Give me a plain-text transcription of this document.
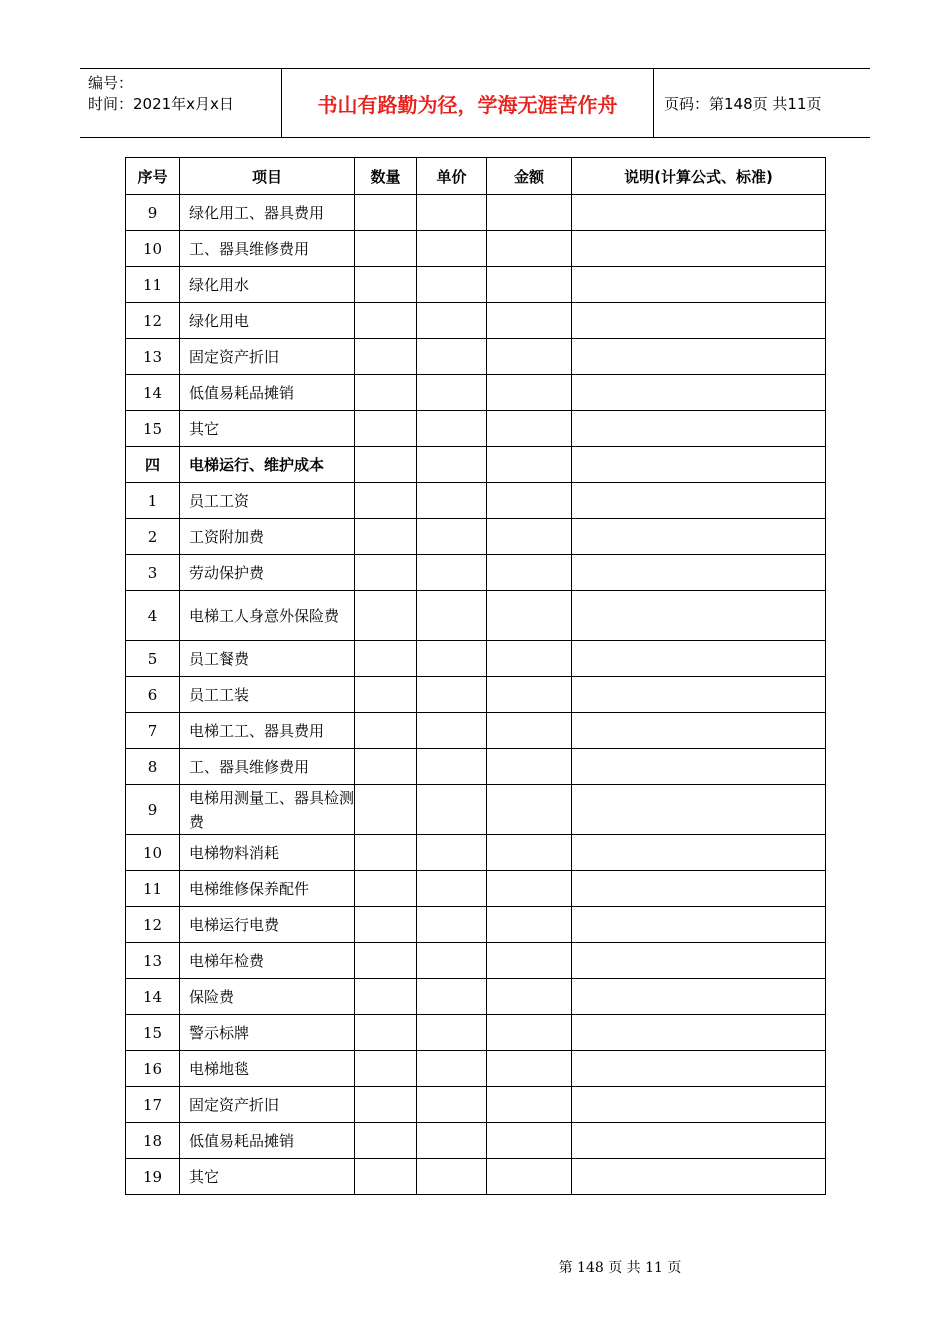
编号：
时间：2021年x月x日	书山有路勤为径，学海无涯苦作舟	页码：第148页 共11页
序号	项目	数量	单价	金额	说明(计算公式、标准)
9	绿化用工、器具费用				
10	工、器具维修费用				
11	绿化用水				
12	绿化用电				
13	固定资产折旧				
14	低值易耗品摊销				
15	其它				
四	电梯运行、维护成本				
1	员工工资				
2	工资附加费				
3	劳动保护费				
4	电梯工人身意外保险费				
5	员工餐费				
6	员工工装				
7	电梯工工、器具费用				
8	工、器具维修费用				
9	电梯用测量工、器具检测费				
10	电梯物料消耗				
11	电梯维修保养配件				
12	电梯运行电费				
13	电梯年检费				
14	保险费				
15	警示标牌				
16	电梯地毯				
17	固定资产折旧				
18	低值易耗品摊销				
19	其它				
第 148 页 共 11 页
